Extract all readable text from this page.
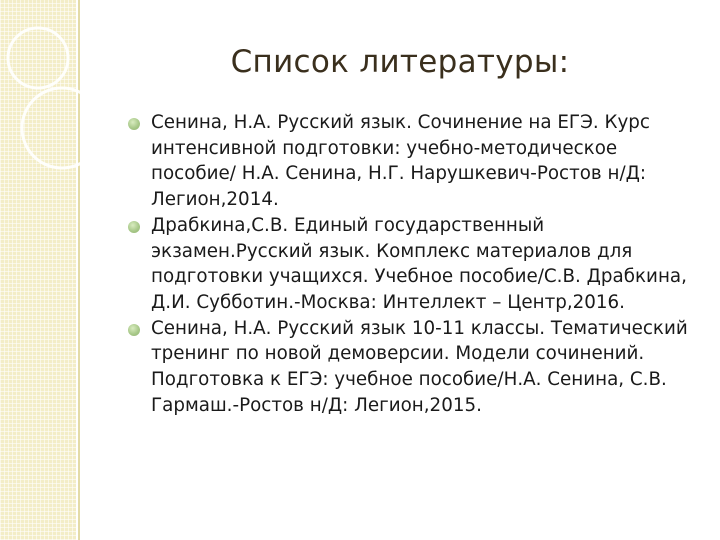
Список литературы:
Сенина, Н.А. Русский язык. Сочинение на ЕГЭ. Курс интенсивной подготовки: учебно-методическое пособие/ Н.А. Сенина, Н.Г. Нарушкевич-Ростов н/Д: Легион,2014.
Драбкина,С.В. Единый государственный экзамен.Русский язык. Комплекс материалов для подготовки учащихся. Учебное пособие/С.В. Драбкина, Д.И. Субботин.-Москва: Интеллект – Центр,2016.
Сенина, Н.А. Русский язык 10-11 классы. Тематический тренинг по новой демоверсии. Модели сочинений. Подготовка к ЕГЭ: учебное пособие/Н.А. Сенина, С.В. Гармаш.-Ростов н/Д: Легион,2015.
